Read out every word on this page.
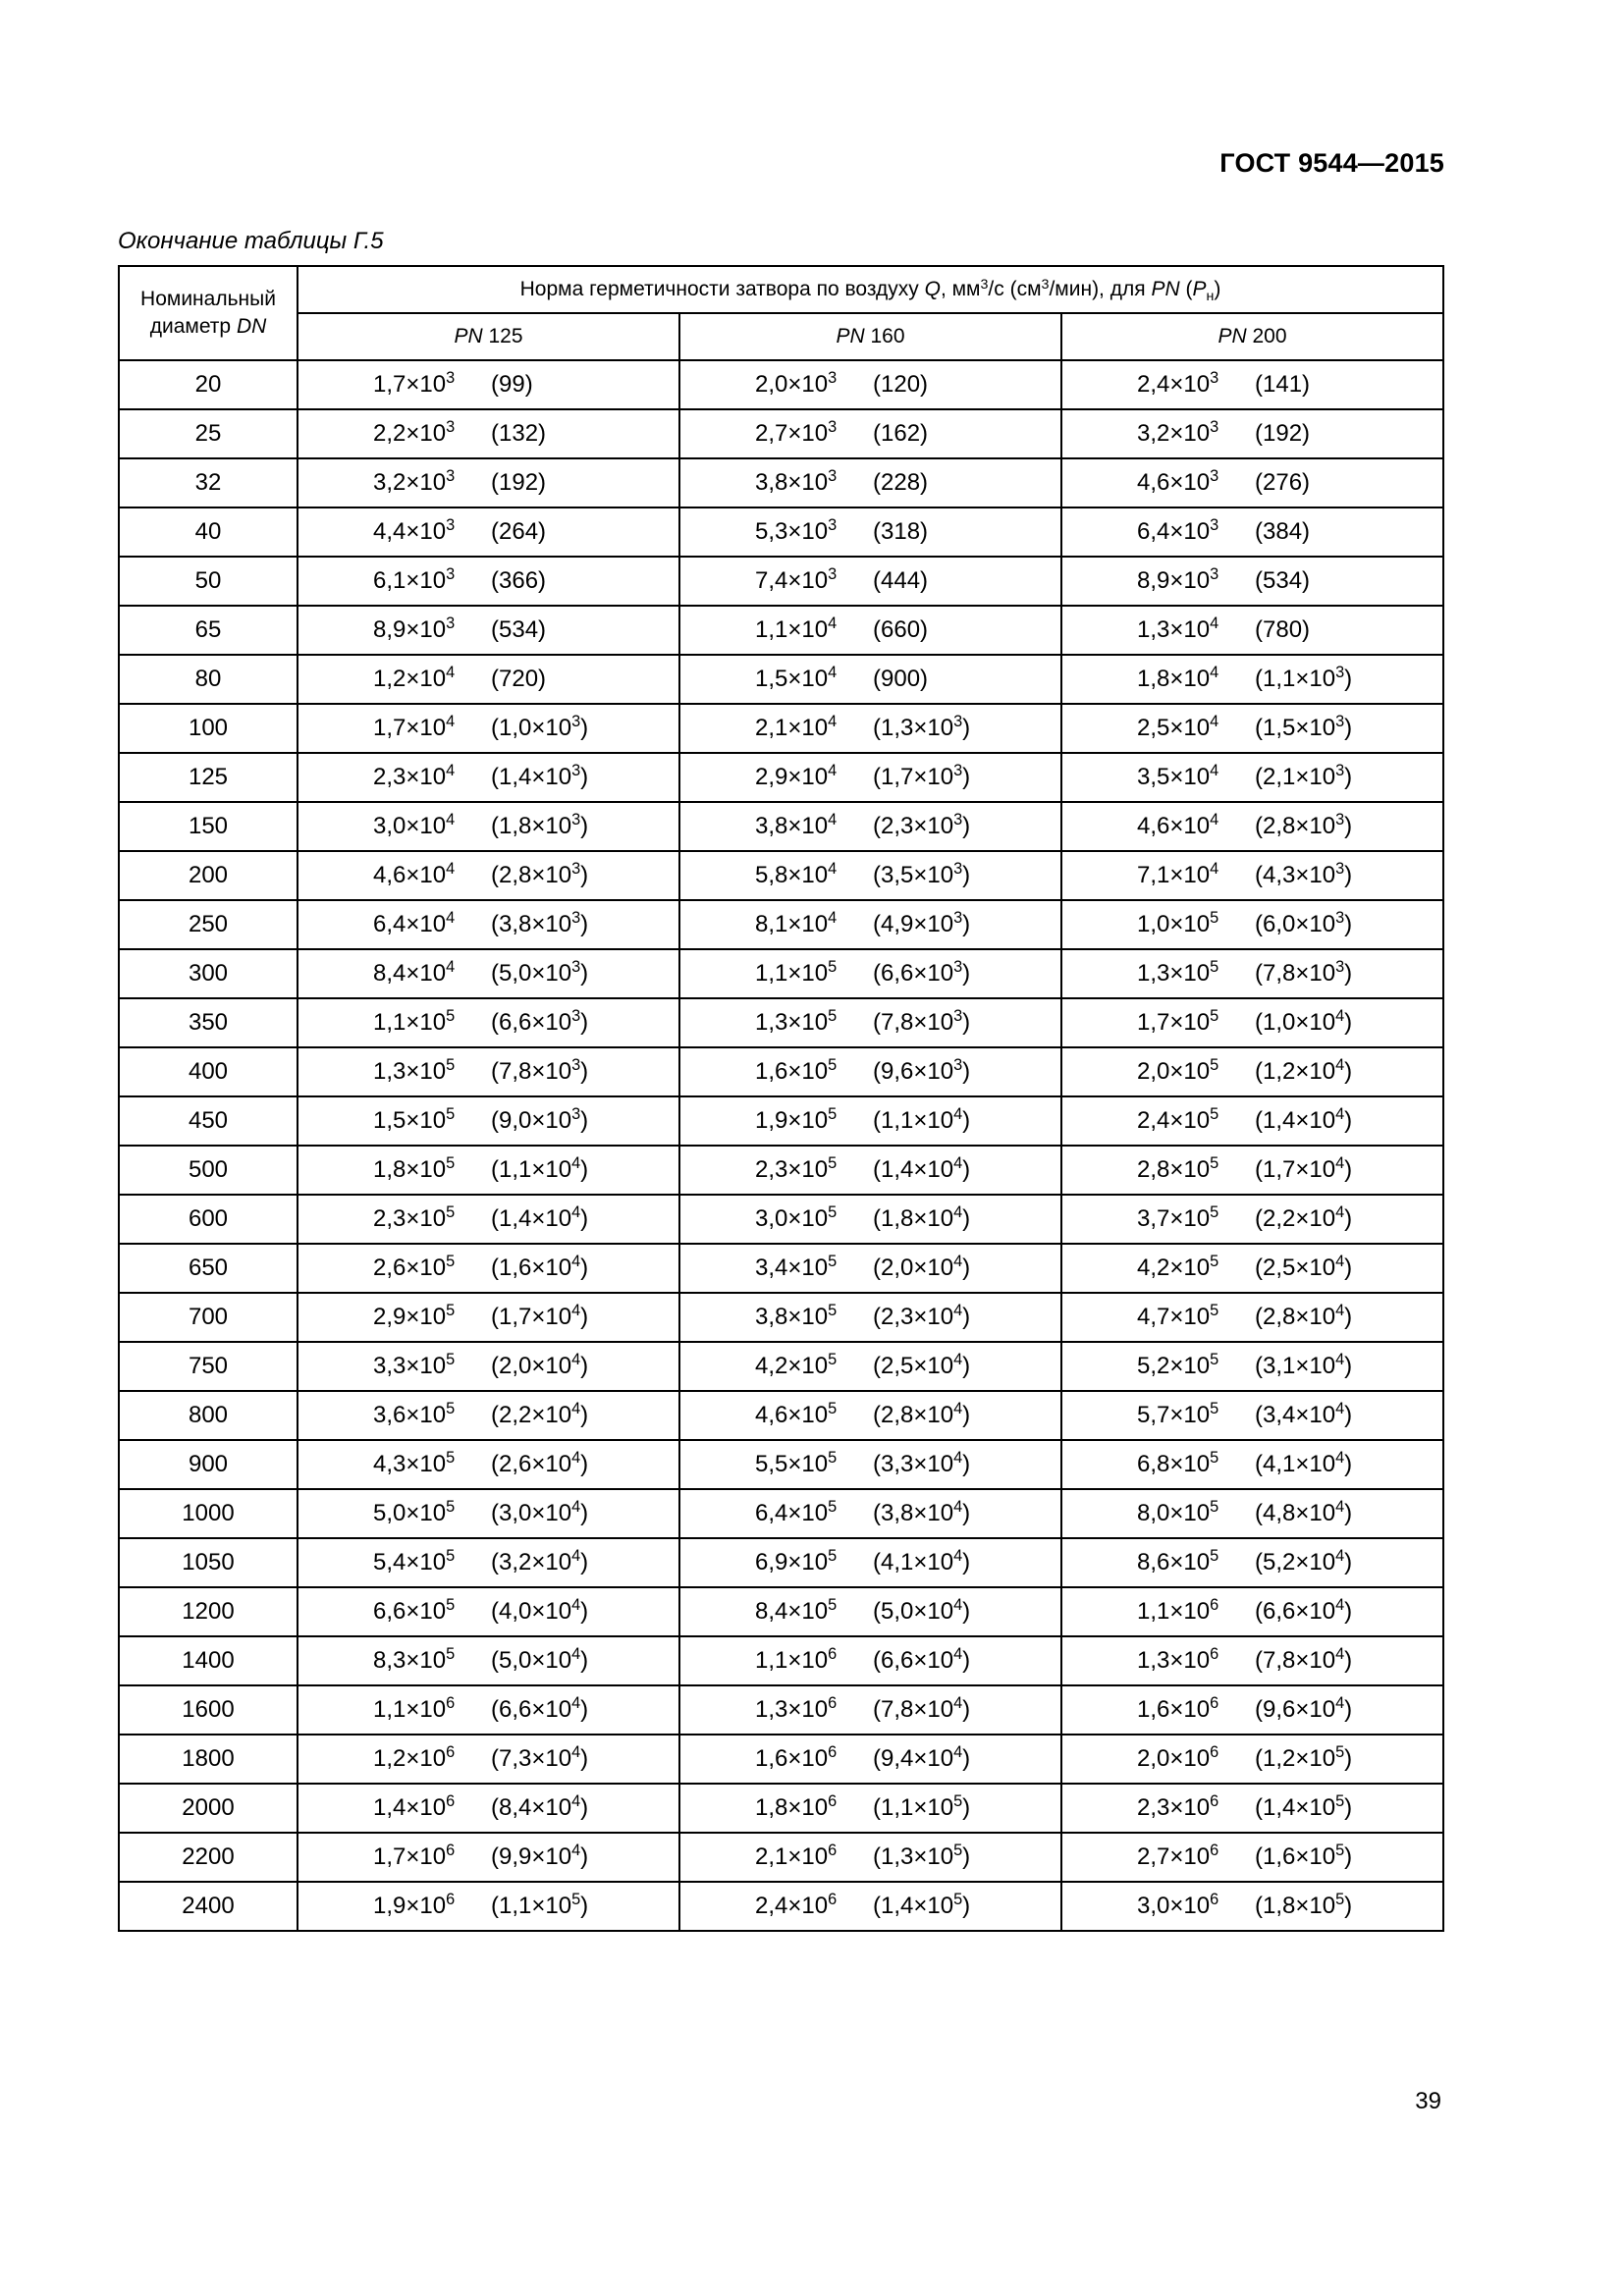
ГОСТ 9544—2015
Окончание таблицы Г.5
Номинальный
диаметр DN	Норма герметичности затвора по воздуху Q, $мм^3/с$ $(см^3/мин)$, для PN $(P_н)$		
	PN 125	PN 160	PN 200
20	$1,7\times 10^3$ (99)	$2,0\times 10^3$ (120)	$2,4\times 10^3$ (141)

25	$2,2\times 10^3$ (132)	$2,7\times 10^3$ (162)	$3,2\times 10^3$ (192)

32	$3,2\times 10^3$ (192)	$3,8\times 10^3$ (228)	$4,6\times 10^3$ (276)

40	$4,4\times 10^3$ (264)	$5,3\times 10^3$ (318)	$6,4\times 10^3$ (384)

50	$6,1\times 10^3$ (366)	$7,4\times 10^3$ (444)	$8,9\times 10^3$ (534)

65	$8,9\times 10^3$ (534)	$1,1\times 10^4$ (660)	$1,3\times 10^4$ (780)

80	$1,2\times 10^4$ (720)	$1,5\times 10^4$ (900)	$1,8\times 10^4$ $(1,1\times 10^3)$

100	$1,7\times 10^4$ $(1,0\times 10^3)$	$2,1\times 10^4$ $(1,3\times 10^3)$	$2,5\times 10^4$ $(1,5\times 10^3)$

125	$2,3\times 10^4$ $(1,4\times 10^3)$	$2,9\times 10^4$ $(1,7\times 10^3)$	$3,5\times 10^4$ $(2,1\times 10^3)$

150	$3,0\times 10^4$ $(1,8\times 10^3)$	$3,8\times 10^4$ $(2,3\times 10^3)$	$4,6\times 10^4$ $(2,8\times 10^3)$

200	$4,6\times 10^4$ $(2,8\times 10^3)$	$5,8\times 10^4$ $(3,5\times 10^3)$	$7,1\times 10^4$ $(4,3\times 10^3)$

250	$6,4\times 10^4$ $(3,8\times 10^3)$	$8,1\times 10^4$ $(4,9\times 10^3)$	$1,0\times 10^5$ $(6,0\times 10^3)$

300	$8,4\times 10^4$ $(5,0\times 10^3)$	$1,1\times 10^5$ $(6,6\times 10^3)$	$1,3\times 10^5$ $(7,8\times 10^3)$

350	$1,1\times 10^5$ $(6,6\times 10^3)$	$1,3\times 10^5$ $(7,8\times 10^3)$	$1,7\times 10^5$ $(1,0\times 10^4)$

400	$1,3\times 10^5$ $(7,8\times 10^3)$	$1,6\times 10^5$ $(9,6\times 10^3)$	$2,0\times 10^5$ $(1,2\times 10^4)$

450	$1,5\times 10^5$ $(9,0\times 10^3)$	$1,9\times 10^5$ $(1,1\times 10^4)$	$2,4\times 10^5$ $(1,4\times 10^4)$

500	$1,8\times 10^5$ $(1,1\times 10^4)$	$2,3\times 10^5$ $(1,4\times 10^4)$	$2,8\times 10^5$ $(1,7\times 10^4)$

600	$2,3\times 10^5$ $(1,4\times 10^4)$	$3,0\times 10^5$ $(1,8\times 10^4)$	$3,7\times 10^5$ $(2,2\times 10^4)$

650	$2,6\times 10^5$ $(1,6\times 10^4)$	$3,4\times 10^5$ $(2,0\times 10^4)$	$4,2\times 10^5$ $(2,5\times 10^4)$

700	$2,9\times 10^5$ $(1,7\times 10^4)$	$3,8\times 10^5$ $(2,3\times 10^4)$	$4,7\times 10^5$ $(2,8\times 10^4)$

750	$3,3\times 10^5$ $(2,0\times 10^4)$	$4,2\times 10^5$ $(2,5\times 10^4)$	$5,2\times 10^5$ $(3,1\times 10^4)$

800	$3,6\times 10^5$ $(2,2\times 10^4)$	$4,6\times 10^5$ $(2,8\times 10^4)$	$5,7\times 10^5$ $(3,4\times 10^4)$

900	$4,3\times 10^5$ $(2,6\times 10^4)$	$5,5\times 10^5$ $(3,3\times 10^4)$	$6,8\times 10^5$ $(4,1\times 10^4)$

1000	$5,0\times 10^5$ $(3,0\times 10^4)$	$6,4\times 10^5$ $(3,8\times 10^4)$	$8,0\times 10^5$ $(4,8\times 10^4)$

1050	$5,4\times 10^5$ $(3,2\times 10^4)$	$6,9\times 10^5$ $(4,1\times 10^4)$	$8,6\times 10^5$ $(5,2\times 10^4)$

1200	$6,6\times 10^5$ $(4,0\times 10^4)$	$8,4\times 10^5$ $(5,0\times 10^4)$	$1,1\times 10^6$ $(6,6\times 10^4)$

1400	$8,3\times 10^5$ $(5,0\times 10^4)$	$1,1\times 10^6$ $(6,6\times 10^4)$	$1,3\times 10^6$ $(7,8\times 10^4)$

1600	$1,1\times 10^6$ $(6,6\times 10^4)$	$1,3\times 10^6$ $(7,8\times 10^4)$	$1,6\times 10^6$ $(9,6\times 10^4)$

1800	$1,2\times 10^6$ $(7,3\times 10^4)$	$1,6\times 10^6$ $(9,4\times 10^4)$	$2,0\times 10^6$ $(1,2\times 10^5)$

2000	$1,4\times 10^6$ $(8,4\times 10^4)$	$1,8\times 10^6$ $(1,1\times 10^5)$	$2,3\times 10^6$ $(1,4\times 10^5)$

2200	$1,7\times 10^6$ $(9,9\times 10^4)$	$2,1\times 10^6$ $(1,3\times 10^5)$	$2,7\times 10^6$ $(1,6\times 10^5)$

2400	$1,9\times 10^6$ $(1,1\times 10^5)$	$2,4\times 10^6$ $(1,4\times 10^5)$	$3,0\times 10^6$ $(1,8\times 10^5)$
39
